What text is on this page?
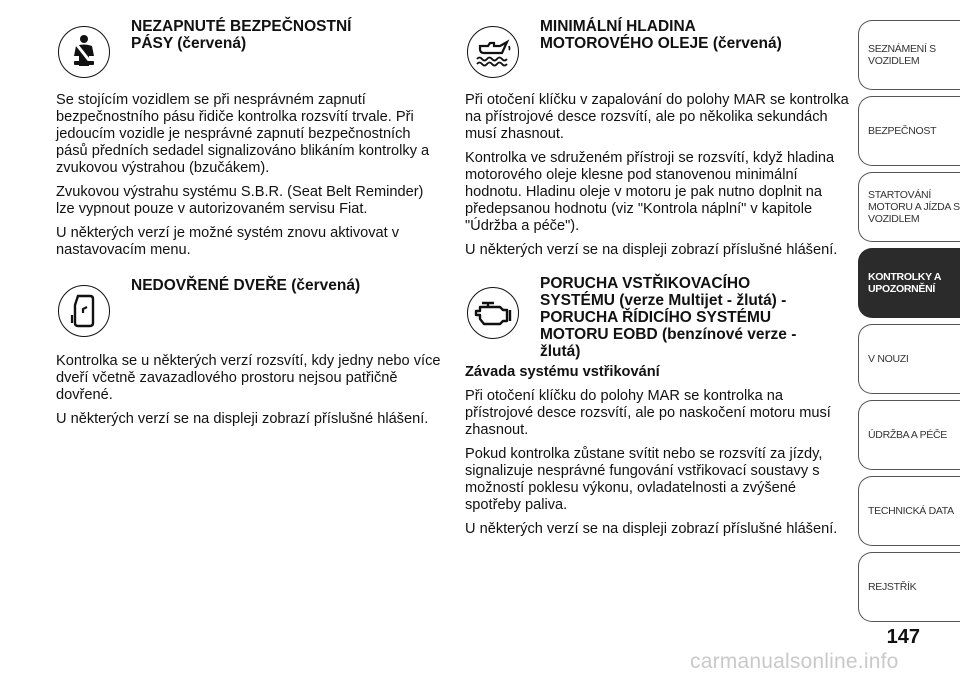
NEZAPNUTÉ BEZPEČNOSTNÍ
PÁSY (červená)

Se stojícím vozidlem se při nesprávném zapnutí bezpečnostního pásu řidiče kontrolka rozsvítí trvale. Při jedoucím vozidle je nesprávné zapnutí bezpečnostních pásů předních sedadel signalizováno blikáním kontrolky a zvukovou výstrahou (bzučákem).

Zvukovou výstrahu systému S.B.R. (Seat Belt Reminder) lze vypnout pouze v autorizovaném servisu Fiat.

U některých verzí je možné systém znovu aktivovat v nastavovacím menu.

NEDOVŘENÉ DVEŘE (červená)

Kontrolka se u některých verzí rozsvítí, kdy jedny nebo více dveří včetně zavazadlového prostoru nejsou patřičně dovřené.

U některých verzí se na displeji zobrazí příslušné hlášení.

MINIMÁLNÍ HLADINA
MOTOROVÉHO OLEJE (červená)

Při otočení klíčku v zapalování do polohy MAR se kontrolka na přístrojové desce rozsvítí, ale po několika sekundách musí zhasnout.

Kontrolka ve sdruženém přístroji se rozsvítí, když hladina motorového oleje klesne pod stanovenou minimální hodnotu. Hladinu oleje v motoru je pak nutno doplnit na předepsanou hodnotu (viz "Kontrola náplní" v kapitole "Údržba a péče").

U některých verzí se na displeji zobrazí příslušné hlášení.

PORUCHA VSTŘIKOVACÍHO
SYSTÉMU (verze Multijet - žlutá) -
PORUCHA ŘÍDICÍHO SYSTÉMU
MOTORU EOBD (benzínové verze -
žlutá)
Závada systému vstřikování

Při otočení klíčku do polohy MAR se kontrolka na přístrojové desce rozsvítí, ale po naskočení motoru musí zhasnout.

Pokud kontrolka zůstane svítit nebo se rozsvítí za jízdy, signalizuje nesprávné fungování vstřikovací soustavy s možností poklesu výkonu, ovladatelnosti a zvýšené spotřeby paliva.

U některých verzí se na displeji zobrazí příslušné hlášení.

SEZNÁMENÍ S
VOZIDLEM
BEZPEČNOST
STARTOVÁNÍ
MOTORU A JÍZDA S
VOZIDLEM
KONTROLKY A
UPOZORNĚNÍ
V NOUZI
ÚDRŽBA A PÉČE
TECHNICKÁ DATA
REJSTŘÍK
147
carmanualsonline.info
